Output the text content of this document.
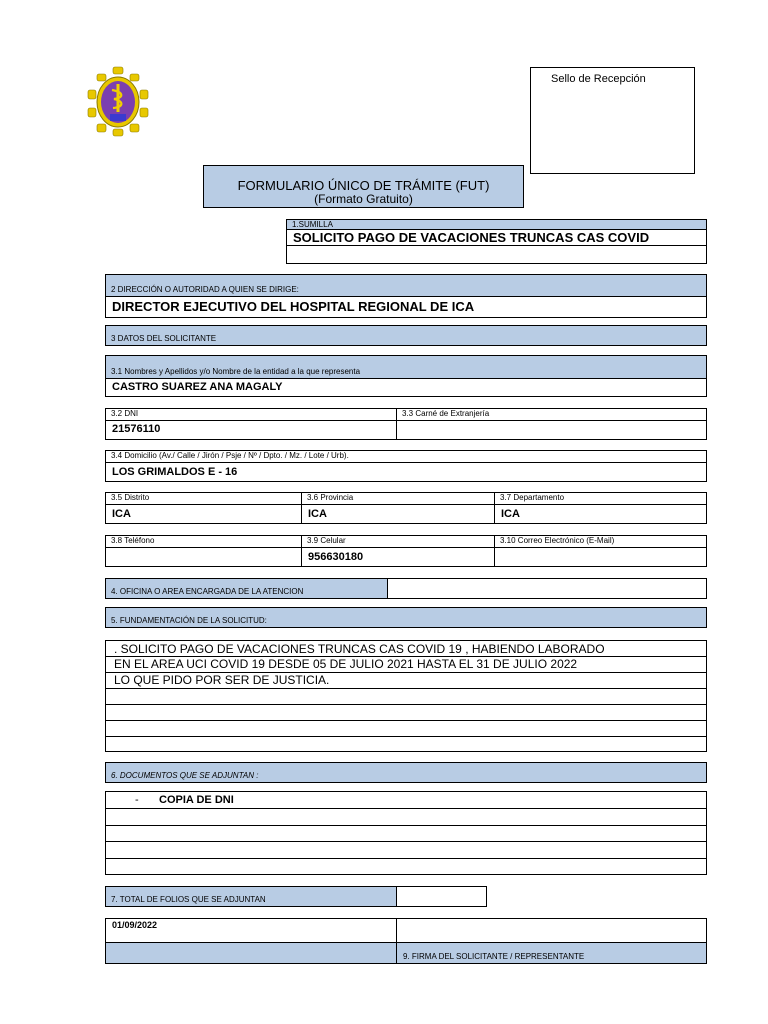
Sello de Recepción
FORMULARIO ÚNICO DE TRÁMITE (FUT)
(Formato Gratuito)
1.SUMILLA
SOLICITO PAGO DE VACACIONES TRUNCAS CAS COVID
2 DIRECCIÓN O AUTORIDAD A QUIEN SE DIRIGE:
DIRECTOR EJECUTIVO DEL HOSPITAL REGIONAL DE ICA
3 DATOS DEL SOLICITANTE
3.1 Nombres y Apellidos y/o Nombre de la entidad a la que representa
CASTRO SUAREZ ANA MAGALY
3.2 DNI
21576110
3.3 Carné de Extranjería
3.4 Domicilio (Av./ Calle / Jirón / Psje / Nº / Dpto. / Mz. / Lote / Urb).
LOS GRIMALDOS E - 16
3.5 Distrito
ICA
3.6 Provincia
ICA
3.7 Departamento
ICA
3.8 Teléfono	3.9 Celular
956630180
3.10 Correo Electrónico (E-Mail)
4. OFICINA O AREA ENCARGADA DE LA ATENCION
5. FUNDAMENTACIÓN DE LA SOLICITUD:
. SOLICITO PAGO DE VACACIONES TRUNCAS CAS COVID 19 , HABIENDO LABORADO
EN EL AREA UCI COVID 19 DESDE 05 DE JULIO 2021 HASTA EL 31 DE JULIO 2022
LO QUE PIDO POR SER DE JUSTICIA.
6. DOCUMENTOS QUE SE ADJUNTAN :
- COPIA DE DNI
7. TOTAL DE FOLIOS QUE SE ADJUNTAN
01/09/2022
9. FIRMA DEL SOLICITANTE / REPRESENTANTE
